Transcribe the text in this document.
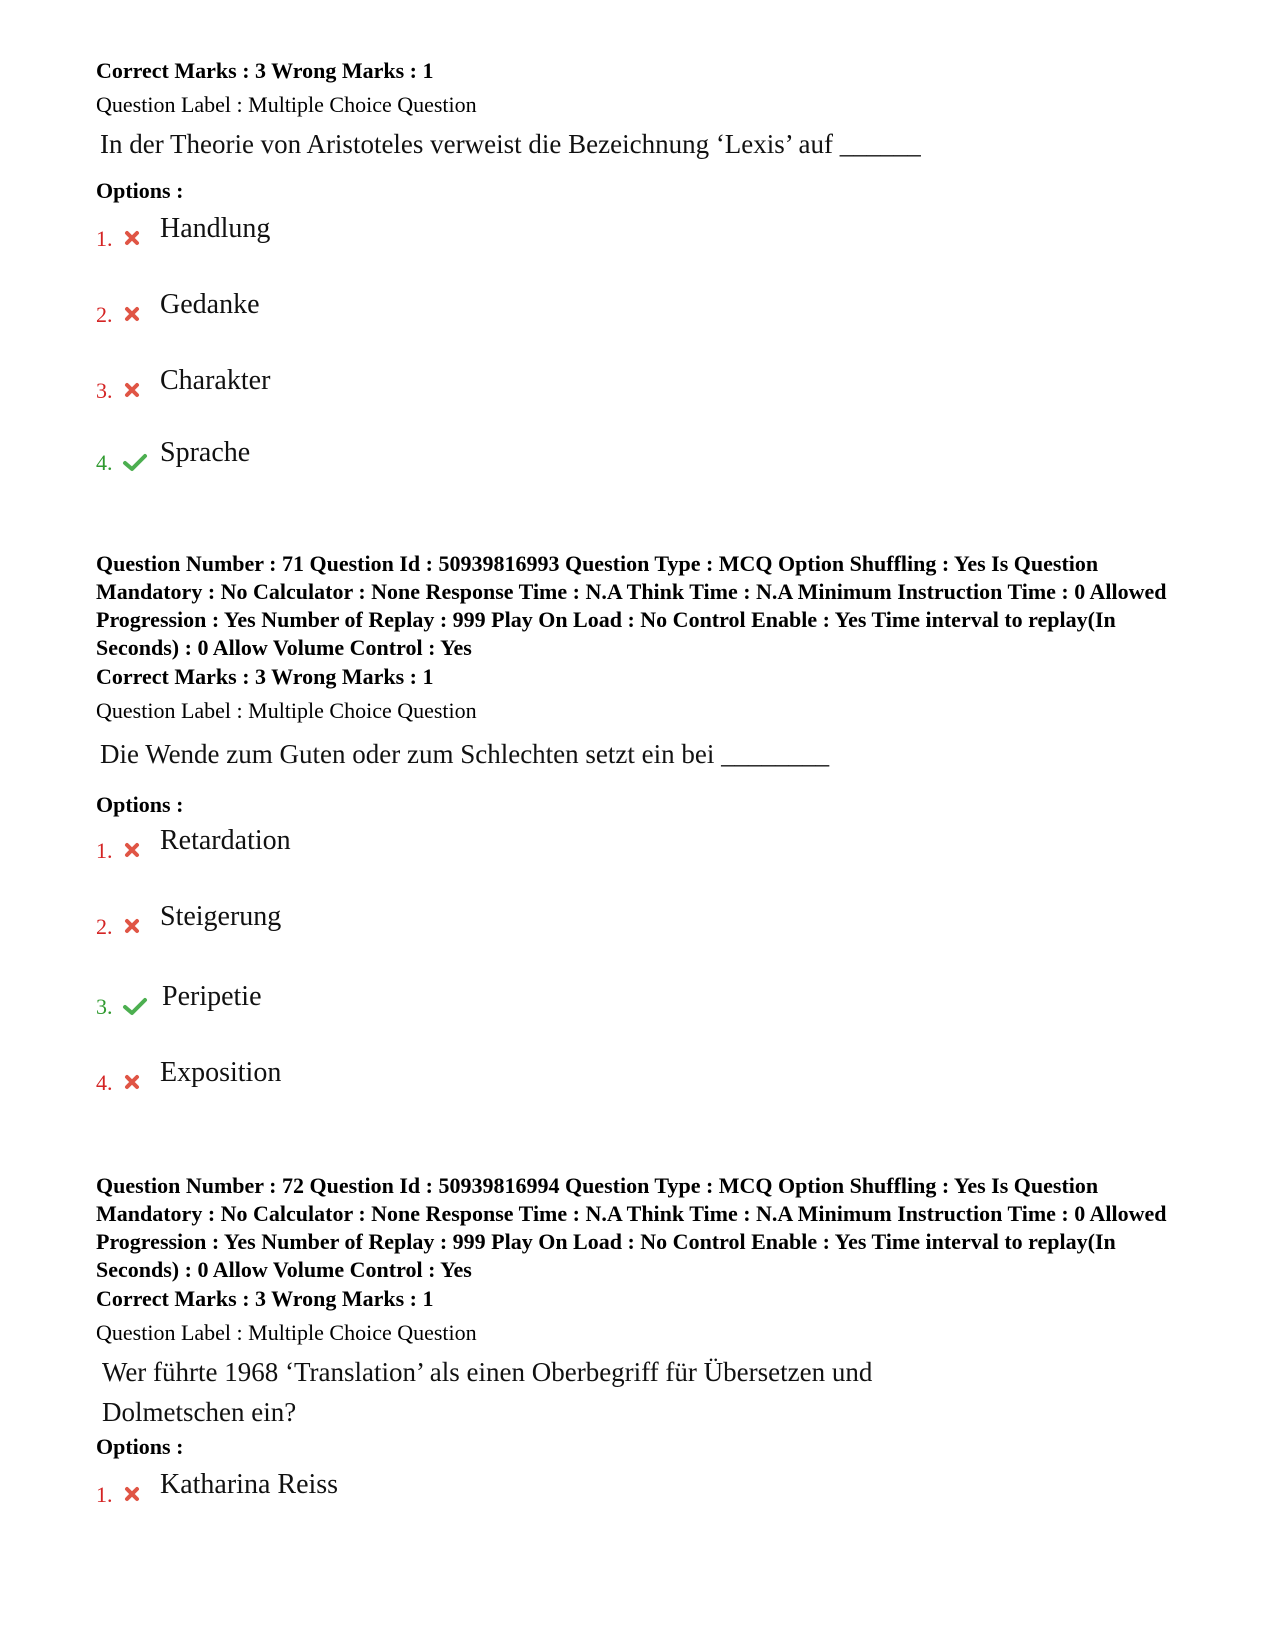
Correct Marks : 3 Wrong Marks : 1
Question Label : Multiple Choice Question
In der Theorie von Aristoteles verweist die Bezeichnung ‘Lexis’ auf ______
Options :
1. Handlung
2. Gedanke
3. Charakter
4. Sprache
Question Number : 71 Question Id : 50939816993 Question Type : MCQ Option Shuffling : Yes Is Question Mandatory : No Calculator : None Response Time : N.A Think Time : N.A Minimum Instruction Time : 0 Allowed Progression : Yes Number of Replay : 999 Play On Load : No Control Enable : Yes Time interval to replay(In Seconds) : 0 Allow Volume Control : Yes
Correct Marks : 3 Wrong Marks : 1
Question Label : Multiple Choice Question
Die Wende zum Guten oder zum Schlechten setzt ein bei ________
Options :
1. Retardation
2. Steigerung
3. Peripetie
4. Exposition
Question Number : 72 Question Id : 50939816994 Question Type : MCQ Option Shuffling : Yes Is Question Mandatory : No Calculator : None Response Time : N.A Think Time : N.A Minimum Instruction Time : 0 Allowed Progression : Yes Number of Replay : 999 Play On Load : No Control Enable : Yes Time interval to replay(In Seconds) : 0 Allow Volume Control : Yes
Correct Marks : 3 Wrong Marks : 1
Question Label : Multiple Choice Question
Wer führte 1968 ‘Translation’ als einen Oberbegriff für Übersetzen und
Dolmetschen ein?
Options :
1. Katharina Reiss
